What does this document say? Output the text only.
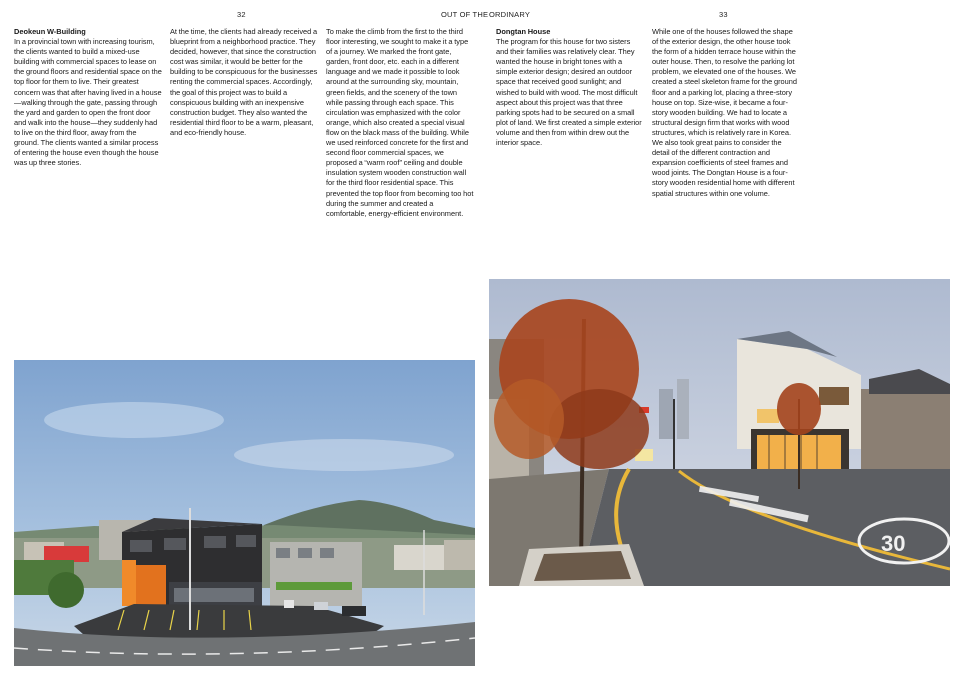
32	OUT OF THE ORDINARY	33
Deokeun W-Building

In a provincial town with increasing tourism, the clients wanted to build a mixed-use building with commercial spaces to lease on the ground floors and residential space on the top floor for them to live. Their greatest concern was that after having lived in a house—walking through the gate, passing through the yard and garden to open the front door and walk into the house—they suddenly had to live on the third floor, away from the ground. The clients wanted a similar process of entering the house even though the house was up three stories.

At the time, the clients had already received a blueprint from a neighborhood practice. They decided, however, that since the construction cost was similar, it would be better for the building to be conspicuous for the businesses renting the commercial spaces. Accordingly, the goal of this project was to build a conspicuous building with an inexpensive construction budget. They also wanted the residential third floor to be a warm, pleasant, and eco-friendly house.

To make the climb from the first to the third floor interesting, we sought to make it a type of a journey. We marked the front gate, garden, front door, etc. each in a different language and we made it possible to look around at the surrounding sky, mountain, green fields, and the scenery of the town while passing through each space. This circulation was emphasized with the color orange, which also created a special visual flow on the black mass of the building. While we used reinforced concrete for the first and second floor commercial spaces, we proposed a “warm roof” ceiling and double insulation system wooden construction wall for the third floor residential space. This prevented the top floor from becoming too hot during the summer and created a comfortable, energy-efficient environment.

Dongtan House

The program for this house for two sisters and their families was relatively clear. They wanted the house in bright tones with a simple exterior design; desired an outdoor space that received good sunlight; and wished to build with wood. The most difficult aspect about this project was that three parking spots had to be secured on a small plot of land. We first created a simple exterior volume and then from within drew out the interior space.

While one of the houses followed the shape of the exterior design, the other house took the form of a hidden terrace house within the outer house. Then, to resolve the parking lot problem, we elevated one of the houses. We created a steel skeleton frame for the ground floor and a parking lot, placing a three-story house on top. Size-wise, it became a four-story wooden building. We had to locate a structural design firm that works with wood structures, which is relatively rare in Korea. We also took great pains to consider the detail of the different contraction and expansion coefficients of steel frames and wood joints. The Dongtan House is a four-story wooden residential home with different spatial structures within one volume.

30
